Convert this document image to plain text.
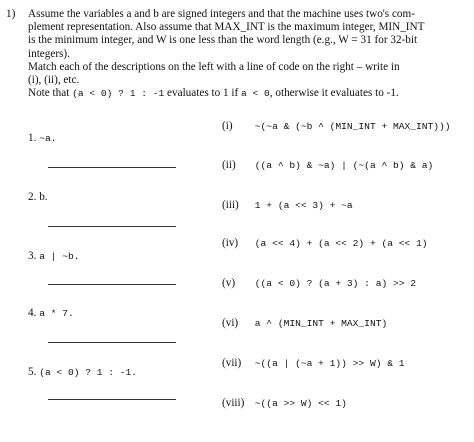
1) Assume the variables a and b are signed integers and that the machine uses two's com-
plement representation. Also assume that MAX_INT is the maximum integer, MIN_INT
is the minimum integer, and W is one less than the word length (e.g., W = 31 for 32-bit
integers).
Match each of the descriptions on the left with a line of code on the right – write in
(i), (ii), etc.

Note that (a < 0) ? 1 : -1 evaluates to 1 if a < 0, otherwise it evaluates to -1.

1. ~a.
2. b.
3. a | ~b.
4. a * 7.
5. (a < 0) ? 1 : -1.
(i) ~(~a & (~b ^ (MIN_INT + MAX_INT)))
(ii) ((a ^ b) & ~a) | (~(a ^ b) & a)
(iii) 1 + (a << 3) + ~a
(iv) (a << 4) + (a << 2) + (a << 1)
(v) ((a < 0) ? (a + 3) : a) >> 2
(vi) a ^ (MIN_INT + MAX_INT)
(vii) ~((a | (~a + 1)) >> W) & 1
(viii) ~((a >> W) << 1)
